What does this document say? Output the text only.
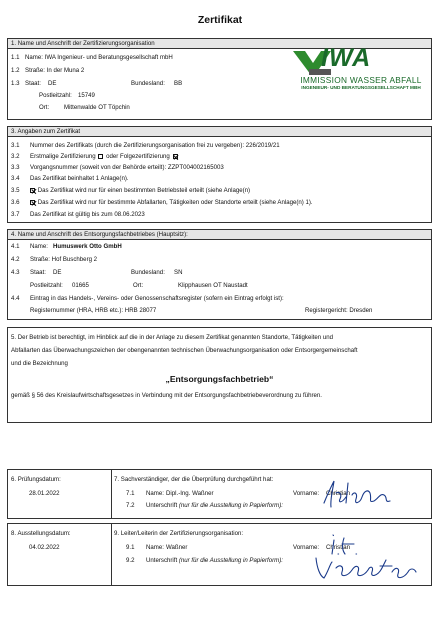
Zertifikat
1. Name und Anschrift der Zertifizierungsorganisation
1.1 Name: IWA Ingenieur- und Beratungsgesellschaft mbH
1.2 Straße: In der Muna 2
1.3 Staat: DE	Bundesland: BB
Postleitzahl: 15749
Ort: Mittenwalde OT Töpchin
IWA
IMMISSION WASSER ABFALL
INGENIEUR- UND BERATUNGSGESELLSCHAFT MBH
3. Angaben zum Zertifikat
3.1 Nummer des Zertifikats (durch die Zertifizierungsorganisation frei zu vergeben): 226/2019/21
3.2 Erstmalige Zertifizierung oder Folgezertifizierung
3.3 Vorgangsnummer (soweit von der Behörde erteilt): ZZPT004002165003
3.4 Das Zertifikat beinhaltet 1 Anlage(n).
3.5	Das Zertifikat wird nur für einen bestimmten Betriebsteil erteilt (siehe Anlage(n)
3.6	Das Zertifikat wird nur für bestimmte Abfallarten, Tätigkeiten oder Standorte erteilt (siehe Anlage(n) 1).
3.7 Das Zertifikat ist gültig bis zum 08.06.2023
4. Name und Anschrift des Entsorgungsfachbetriebes (Hauptsitz):
4.1 Name: Humuswerk Otto GmbH
4.2 Straße: Hof Buschberg 2
4.3 Staat: DE	Bundesland: SN
Postleitzahl: 01665	Ort:	Klipphausen OT Naustadt
4.4 Eintrag in das Handels-, Vereins- oder Genossenschaftsregister (sofern ein Eintrag erfolgt ist):
Registernummer (HRA, HRB etc.): HRB 28077	Registergericht: Dresden
5. Der Betrieb ist berechtigt, im Hinblick auf die in der Anlage zu diesem Zertifikat genannten Standorte, Tätigkeiten und
Abfallarten das Überwachungszeichen der obengenannten technischen Überwachungsorganisation oder Entsorgergemeinschaft
und die Bezeichnung
„Entsorgungsfachbetrieb“
gemäß § 56 des Kreislaufwirtschaftsgesetzes in Verbindung mit der Entsorgungsfachbetriebeverordnung zu führen.
6. Prüfungsdatum:
28.01.2022
7. Sachverständiger, der die Überprüfung durchgeführt hat:
7.1 Name: Dipl.-Ing. Waßner	Vorname: Christian
7.2 Unterschrift (nur für die Ausstellung in Papierform):
8. Ausstellungsdatum:
04.02.2022
9. Leiter/Leiterin der Zertifizierungsorganisation:
9.1 Name: Waßner	Vorname: Christian
9.2 Unterschrift (nur für die Ausstellung in Papierform):
